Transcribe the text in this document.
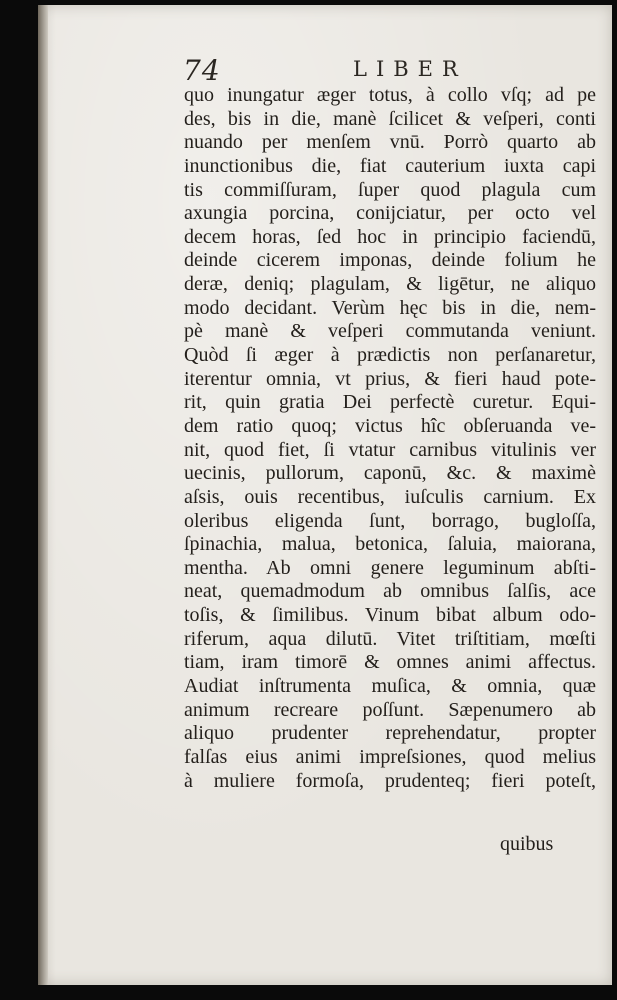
74	LIBER
quo inungatur æger totus, à collo vſq; ad pe
des, bis in die, manè ſcilicet & veſperi, conti
nuando per menſem vnū. Porrò quarto ab
inunctionibus die, fiat cauterium iuxta capi
tis commiſſuram, ſuper quod plagula cum
axungia porcina, conijciatur, per octo vel
decem horas, ſed hoc in principio faciendū,
deinde cicerem imponas, deinde folium he
deræ, deniq; plagulam, & ligētur, ne aliquo
modo decidant. Verùm hęc bis in die, nem-
pè manè & veſperi commutanda veniunt.
Quòd ſi æger à prædictis non perſanaretur,
iterentur omnia, vt prius, & fieri haud pote-
rit, quin gratia Dei perfectè curetur. Equi-
dem ratio quoq; victus hîc obſeruanda ve-
nit, quod fiet, ſi vtatur carnibus vitulinis ver
uecinis, pullorum, caponū, &c. & maximè
aſsis, ouis recentibus, iuſculis carnium. Ex
oleribus eligenda ſunt, borrago, bugloſſa,
ſpinachia, malua, betonica, ſaluia, maiorana,
mentha. Ab omni genere leguminum abſti-
neat, quemadmodum ab omnibus ſalſis, ace
toſis, & ſimilibus. Vinum bibat album odo-
riferum, aqua dilutū. Vitet triſtitiam, mœſti
tiam, iram timorē & omnes animi affectus.
Audiat inſtrumenta muſica, & omnia, quæ
animum recreare poſſunt. Sæpenumero ab
aliquo prudenter reprehendatur, propter
falſas eius animi impreſsiones, quod melius
à muliere formoſa, prudenteq; fieri poteſt,
quibus
